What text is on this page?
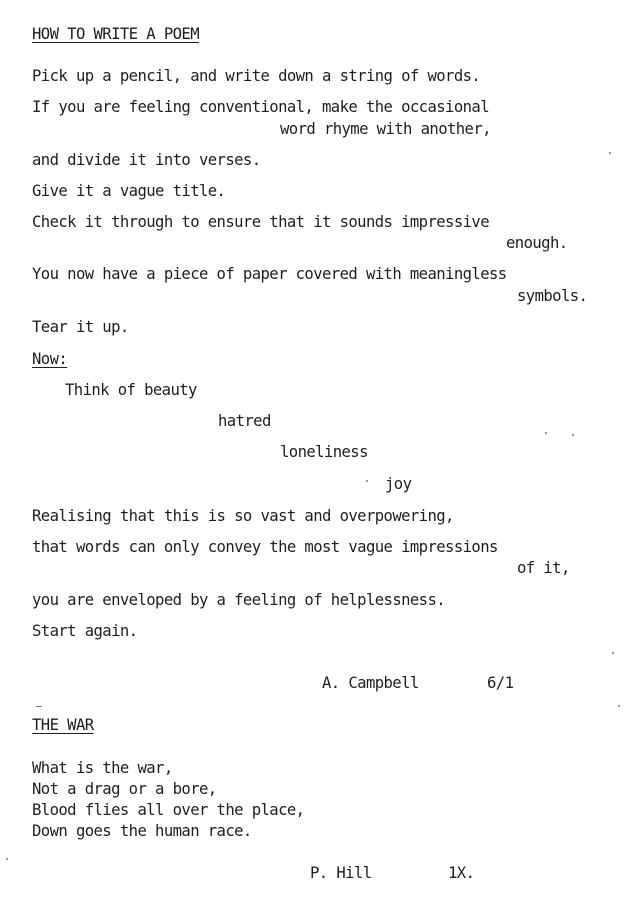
HOW TO WRITE A POEM
Pick up a pencil, and write down a string of words.
If you are feeling conventional, make the occasional
word rhyme with another,
and divide it into verses.
Give it a vague title.
Check it through to ensure that it sounds impressive
enough.
You now have a piece of paper covered with meaningless
symbols.
Tear it up.
Now:
Think of beauty
hatred
loneliness
joy
Realising that this is so vast and overpowering,
that words can only convey the most vague impressions
of it,
you are enveloped by a feeling of helplessness.
Start again.
A. Campbell	6/1
THE WAR
What is the war,
Not a drag or a bore,
Blood flies all over the place,
Down goes the human race.
P. Hill	1X.
